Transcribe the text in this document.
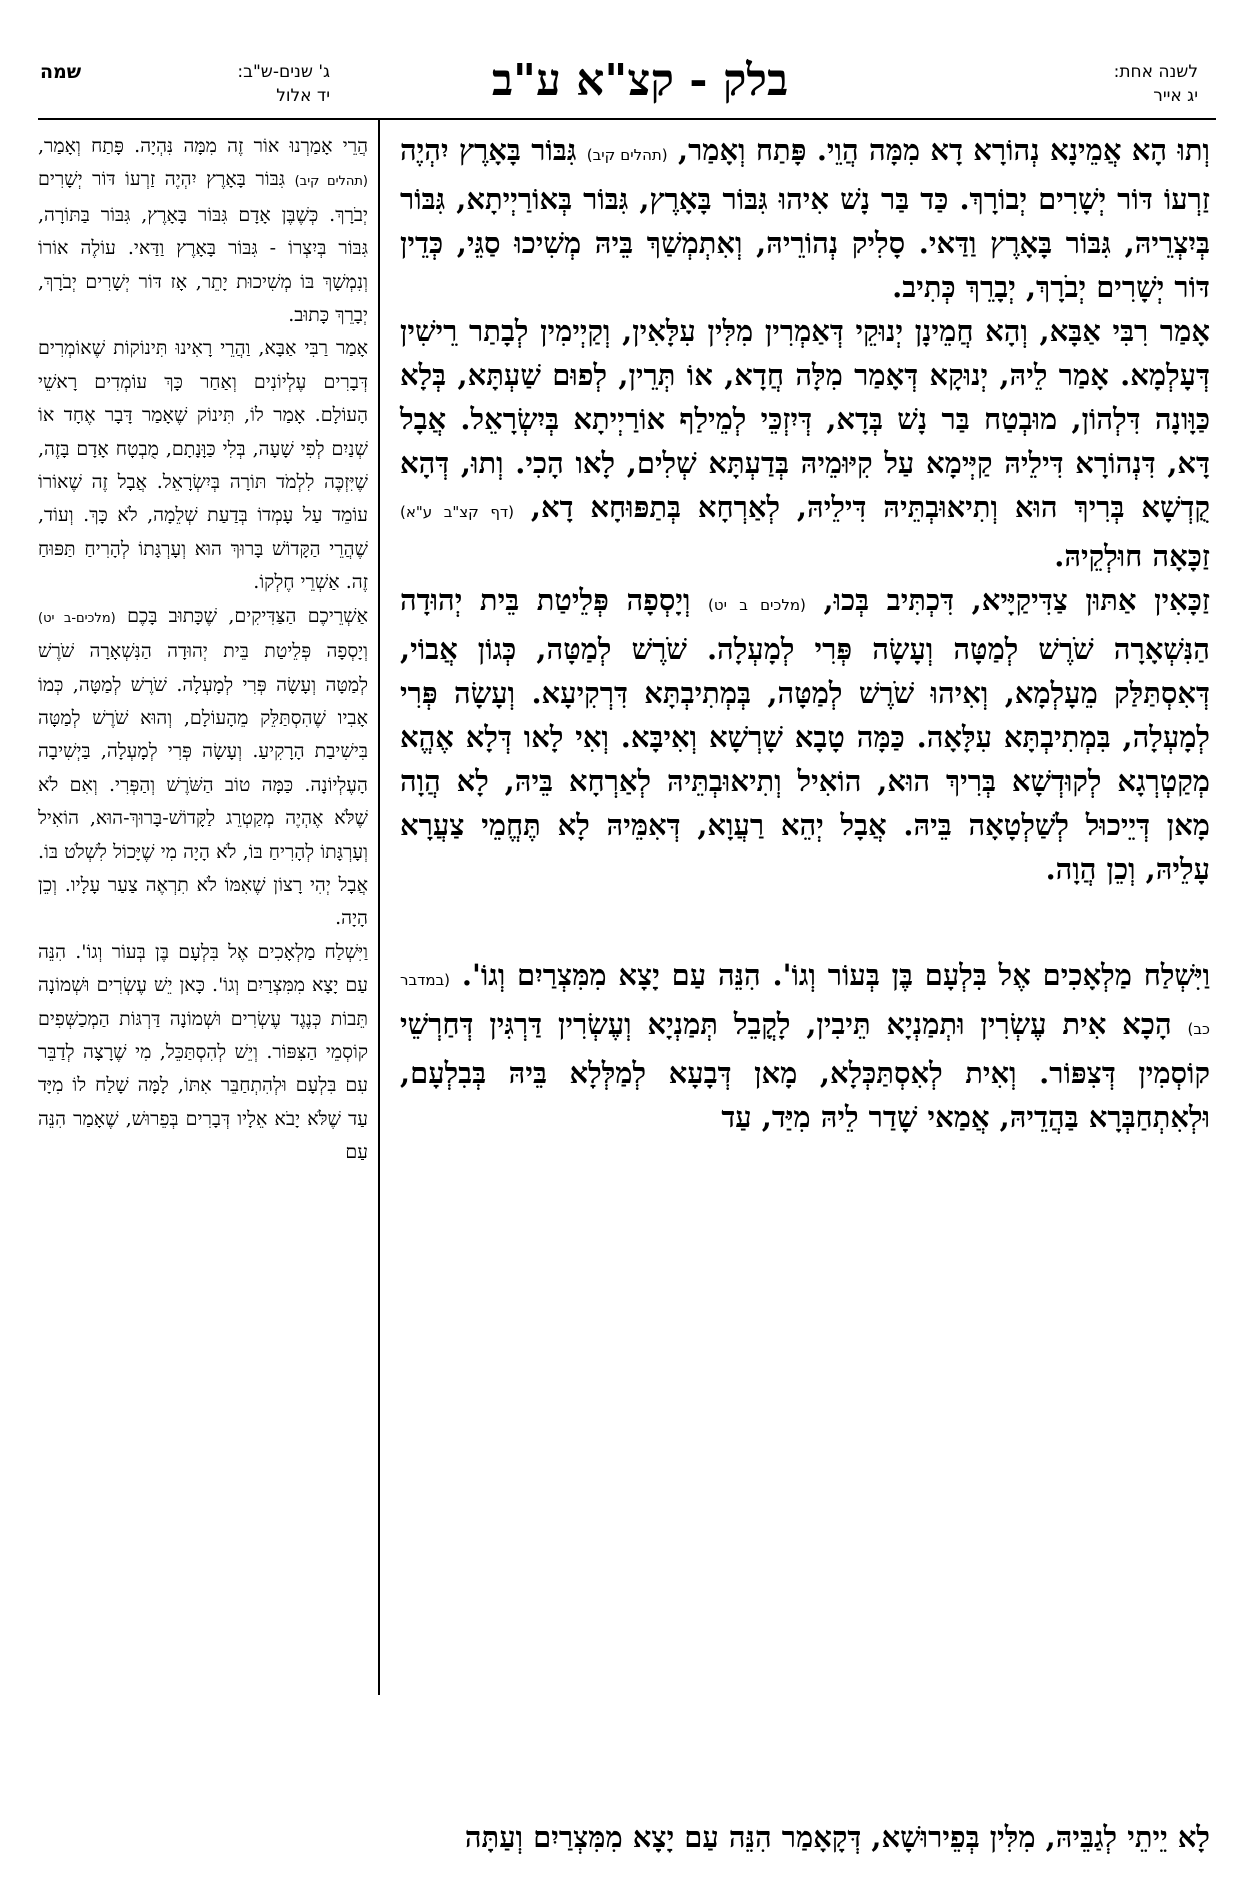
לשנה אחת:
יג אייר
בלק - קצ"א ע"ב
ג' שנים-ש"ב:
שמה
יד אלול

וְתוּ הָא אֲמֵינָא נְהוֹרָא דָא מִמָּה הֲוֵי. פָּתַח וְאָמַר, (תהלים קיב) גִּבּוֹר בָּאָרֶץ יִהְיֶה זַרְעוֹ דּוֹר יְשָׁרִים יְבוֹרָךְ. כַּד בַּר נָשׁ אִיהוּ גִּבּוֹר בָּאָרֶץ, גִּבּוֹר בְּאוֹרַיְיתָא, גִּבּוֹר בְּיִצְרֵיהּ, גִּבּוֹר בָּאָרֶץ וַדַּאי. סָלִיק נְהוֹרֵיהּ, וְאִתְמְשַׁךְ בֵּיהּ מְשִׁיכוּ סַגֵּי, כְּדֵין דּוֹר יְשָׁרִים יְבֹרָךְ, יְבָרֵךְ כְּתִיב.

אָמַר רִבִּי אַבָּא, וְהָא חֲמֵינָן יְנוּקֵי דְּאַמְרִין מִלִּין עִלָּאִין, וְקַיְימִין לְבָתַר רֵישִׁין דְּעָלְמָא. אָמַר לֵיהּ, יְנוּקָא דְּאָמַר מִלָּה חֲדָא, אוֹ תְּרֵין, לְפוּם שַׁעְתָּא, בְּלָא כַּוָּונָה דִּלְהוֹן, מוּבְטַח בַּר נָשׁ בְּדָא, דְּיִזְכֵּי לְמֵילַף אוֹרַיְיתָא בְּיִשְׂרָאֵל. אֲבָל דָּא, דִּנְהוֹרָא דִּילֵיהּ קַיְּימָא עַל קִיּוּמֵיהּ בְּדַעְתָּא שְׁלִים, לָאו הָכִי. וְתוּ, דְּהָא קֻדְשָׁא בְּרִיךְ הוּא וְתִיאוּבְתֵּיהּ דִּילֵיהּ, לְאַרְחָא בְּתַפּוּחָא דָא, (דף קצ"ב ע"א) זַכָּאָה חוּלְקֵיהּ.

זַכָּאִין אַתּוּן צַדִּיקַיָּיא, דִּכְתִּיב בְּכוּ, (מלכים ב יט) וְיָסְפָה פְּלֵיטַת בֵּית יְהוּדָה הַנִּשְׁאָרָה שֹׁרֶשׁ לְמַטָּה וְעָשָׂה פְּרִי לְמָעְלָה. שֹׁרֶשׁ לְמַטָּה, כְּגוֹן אֲבוֹי, דְּאִסְתַּלַּק מֵעָלְמָא, וְאִיהוּ שֹׁרֶשׁ לְמַטָּה, בְּמְתִיבְתָּא דִּרְקִיעָא. וְעָשָׂה פְּרִי לְמָעְלָה, בִּמְתִיבְתָּא עִלָּאָה. כַּמָּה טָבָא שָׁרְשָׁא וְאִיבָּא. וְאִי לָאו דְּלָא אֶהֱא מְקַטְרְגָא לְקוּדְשָׁא בְּרִיךְ הוּא, הוֹאִיל וְתִיאוּבְתֵּיהּ לְאַרְחָא בֵּיהּ, לָא הֲוָה מָאן דְּיֵיכוּל לְשַׁלְטָאָה בֵּיהּ. אֲבָל יְהֵא רַעֲוָא, דְּאִמֵּיהּ לָא תֶּחֱמֵי צַעֲרָא עָלֵיהּ, וְכֵן הֲוָה.

וַיִּשְׁלַח מַלְאָכִים אֶל בִּלְעָם בֶּן בְּעוֹר וְגוֹ'. הִנֵּה עַם יָצָא מִמִּצְרַיִם וְגוֹ'. (במדבר כב) הָכָא אִית עֶשְׂרִין וּתְמַנְיָא תֵּיבִין, לָקֳבֵל תְּמַנְיָא וְעֶשְׂרִין דַּרְגִּין דְּחַרְשֵׁי קוֹסְמִין דְּצִפּוֹר. וְאִית לְאִסְתַּכְּלָא, מָאן דְּבָעָא לְמַלְּלָא בֵּיהּ בְּבִלְעָם, וּלְאִתְחַבְּרָא בַּהֲדֵיהּ, אֲמַאי שָׁדַר לֵיהּ מִיַּד, עַד

הֲרֵי אָמַרְנוּ אוֹר זֶה מִמָּה נִּהְיָה. פָּתַח וְאָמַר, (תהלים קיב) גִּבּוֹר בָּאָרֶץ יִהְיֶה זַרְעוֹ דּוֹר יְשָׁרִים יְבֹרָךְ. כְּשֶׁבֶּן אָדָם גִּבּוֹר בָּאָרֶץ, גִּבּוֹר בַּתּוֹרָה, גִּבּוֹר בְּיִצְרוֹ - גִּבּוֹר בָּאָרֶץ וַדַּאי. עוֹלֶה אוֹרוֹ וְנִמְשָׁךְ בּוֹ מְשִׁיכוּת יָתֵר, אָז דּוֹר יְשָׁרִים יְבֹרָךְ, יְבָרֵךְ כָּתוּב.

אָמַר רַבִּי אַבָּא, וַהֲרֵי רָאִינוּ תִּינוֹקוֹת שֶׁאוֹמְרִים דְּבָרִים עֶלְיוֹנִים וְאַחַר כָּךְ עוֹמְדִים רָאשֵׁי הָעוֹלָם. אָמַר לוֹ, תִּינוֹק שֶׁאָמַר דָּבָר אֶחָד אוֹ שְׁנַיִם לְפִי שָׁעָה, בְּלִי כַּוָּנָתָם, מֻבְטָח אָדָם בָּזֶה, שֶׁיִּזְכֶּה לִלְמֹד תּוֹרָה בְּיִשְׂרָאֵל. אֲבָל זֶה שֶׁאוֹרוֹ עוֹמֵד עַל עָמְדוֹ בְּדַעַת שְׁלֵמָה, לֹא כָּךְ. וְעוֹד, שֶׁהֲרֵי הַקָּדוֹשׁ בָּרוּךְ הוּא וְעָרְגָּתוֹ לְהָרִיחַ תַּפּוּחַ זֶה. אַשְׁרֵי חֶלְקוֹ.

אַשְׁרֵיכֶם הַצַּדִּיקִים, שֶׁכָּתוּב בָּכֶם (מלכים-ב יט) וְיָסְפָה פְּלֵיטַת בֵּית יְהוּדָה הַנִּשְׁאָרָה שֹׁרֶשׁ לְמַטָּה וְעָשָׂה פְּרִי לְמָעְלָה. שֹׁרֶשׁ לְמַטָּה, כְּמוֹ אָבִיו שֶׁהִסְתַּלֵּק מֵהָעוֹלָם, וְהוּא שֹׁרֶשׁ לְמַטָּה בִּישִׁיבַת הָרָקִיעַ. וְעָשָׂה פְּרִי לְמָעְלָה, בַּיְשִׁיבָה הָעֶלְיוֹנָה. כַּמָּה טוֹב הַשֹּׁרֶשׁ וְהַפְּרִי. וְאִם לֹא שֶׁלֹּא אֶהְיֶה מְקַטְרֵג לַקָּדוֹשׁ-בָּרוּךְ-הוּא, הוֹאִיל וְעָרְגָּתוֹ לְהָרִיחַ בּוֹ, לֹא הָיָה מִי שֶׁיָּכוֹל לִשְׁלֹט בּוֹ. אֲבָל יְהִי רָצוֹן שֶׁאִמּוֹ לֹא תִרְאֶה צַעַר עָלָיו. וְכֵן הָיָה.

וַיִּשְׁלַח מַלְאָכִים אֶל בִּלְעָם בֶּן בְּעוֹר וְגוֹ'. הִנֵּה עַם יָצָא מִמִּצְרַיִם וְגוֹ'. כָּאן יֵשׁ עֶשְׂרִים וּשְׁמוֹנָה תֵּבוֹת כְּנֶגֶד עֶשְׂרִים וּשְׁמוֹנָה דַּרְגּוֹת הַמְכַשְּׁפִים קוֹסְמֵי הַצִּפּוֹר. וְיֵשׁ לְהִסְתַּכֵּל, מִי שֶׁרָצָה לְדַבֵּר עִם בִּלְעָם וּלְהִתְחַבֵּר אִתּוֹ, לָמָּה שָׁלַח לוֹ מִיָּד עַד שֶׁלֹּא יָבֹא אֵלָיו דְּבָרִים בְּפֵרוּשׁ, שֶׁאָמַר הִנֵּה עַם

לָא יֵיתֵי לְגַבֵּיהּ, מִלִּין בְּפֵירוּשָׁא, דְּקָאָמַר הִנֵּה עַם יָצָא מִמִּצְרַיִם וְעַתָּה
